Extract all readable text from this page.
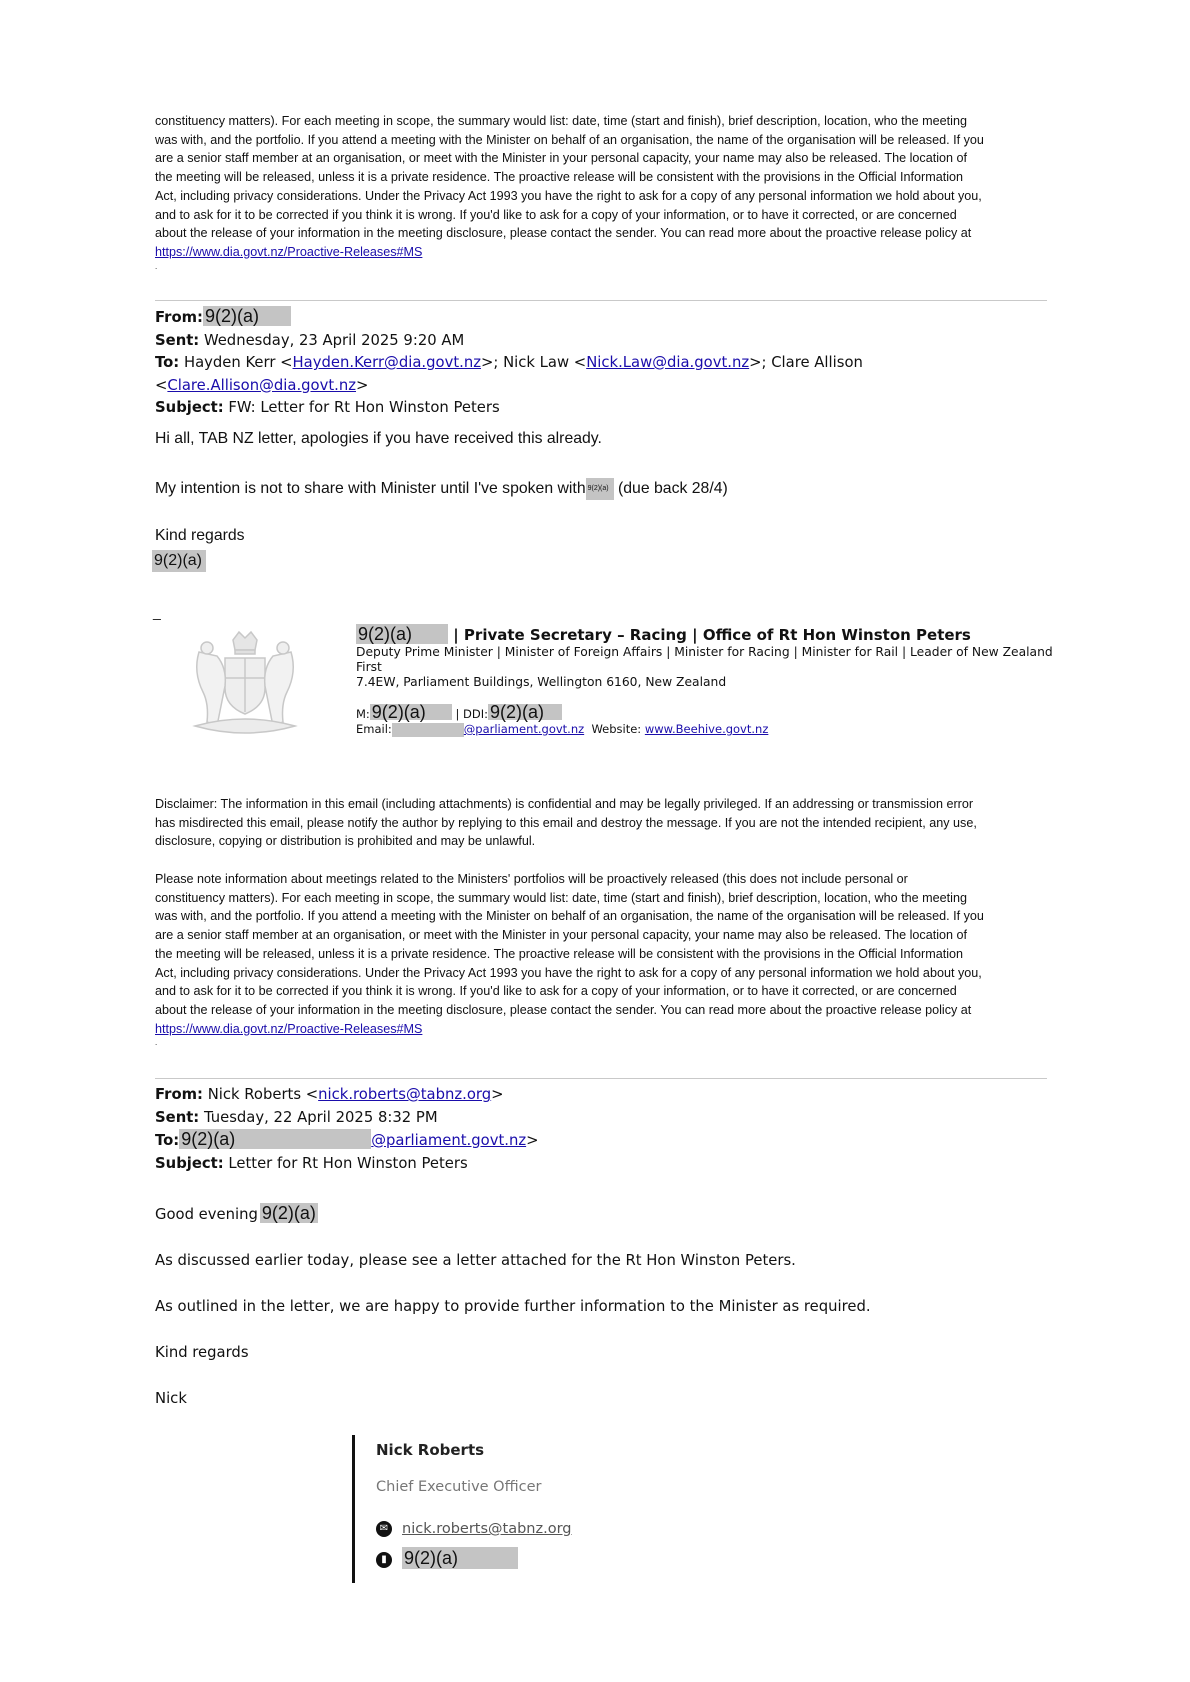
constituency matters). For each meeting in scope, the summary would list: date, time (start and finish), brief description, location, who the meeting
was with, and the portfolio. If you attend a meeting with the Minister on behalf of an organisation, the name of the organisation will be released. If you
are a senior staff member at an organisation, or meet with the Minister in your personal capacity, your name may also be released. The location of
the meeting will be released, unless it is a private residence. The proactive release will be consistent with the provisions in the Official Information
Act, including privacy considerations. Under the Privacy Act 1993 you have the right to ask for a copy of any personal information we hold about you,
and to ask for it to be corrected if you think it is wrong. If you'd like to ask for a copy of your information, or to have it corrected, or are concerned
about the release of your information in the meeting disclosure, please contact the sender. You can read more about the proactive release policy at
https://www.dia.govt.nz/Proactive-Releases#MS
.
From: 9(2)(a)
Sent: Wednesday, 23 April 2025 9:20 AM
To: Hayden Kerr <Hayden.Kerr@dia.govt.nz>; Nick Law <Nick.Law@dia.govt.nz>; Clare Allison <Clare.Allison@dia.govt.nz>
Subject: FW: Letter for Rt Hon Winston Peters
Hi all, TAB NZ letter, apologies if you have received this already.
My intention is not to share with Minister until I've spoken with 9(2)(a) (due back 28/4)
Kind regards
9(2)(a)
_
9(2)(a)	| Private Secretary – Racing | Office of Rt Hon Winston Peters
Deputy Prime Minister | Minister of Foreign Affairs | Minister for Racing | Minister for Rail | Leader of New Zealand First
7.4EW, Parliament Buildings, Wellington 6160, New Zealand
M: 9(2)(a)	| DDI: 9(2)(a)
Email:	@parliament.govt.nz Website: www.Beehive.govt.nz
Disclaimer: The information in this email (including attachments) is confidential and may be legally privileged. If an addressing or transmission error
has misdirected this email, please notify the author by replying to this email and destroy the message. If you are not the intended recipient, any use,
disclosure, copying or distribution is prohibited and may be unlawful.
Please note information about meetings related to the Ministers' portfolios will be proactively released (this does not include personal or
constituency matters). For each meeting in scope, the summary would list: date, time (start and finish), brief description, location, who the meeting
was with, and the portfolio. If you attend a meeting with the Minister on behalf of an organisation, the name of the organisation will be released. If you
are a senior staff member at an organisation, or meet with the Minister in your personal capacity, your name may also be released. The location of
the meeting will be released, unless it is a private residence. The proactive release will be consistent with the provisions in the Official Information
Act, including privacy considerations. Under the Privacy Act 1993 you have the right to ask for a copy of any personal information we hold about you,
and to ask for it to be corrected if you think it is wrong. If you'd like to ask for a copy of your information, or to have it corrected, or are concerned
about the release of your information in the meeting disclosure, please contact the sender. You can read more about the proactive release policy at
https://www.dia.govt.nz/Proactive-Releases#MS
.
From: Nick Roberts <nick.roberts@tabnz.org>
Sent: Tuesday, 22 April 2025 8:32 PM
To: 9(2)(a)	@parliament.govt.nz>
Subject: Letter for Rt Hon Winston Peters
Good evening 9(2)(a)
As discussed earlier today, please see a letter attached for the Rt Hon Winston Peters.
As outlined in the letter, we are happy to provide further information to the Minister as required.
Kind regards
Nick
Nick Roberts
Chief Executive Officer
✉ nick.roberts@tabnz.org
▮ 9(2)(a)
